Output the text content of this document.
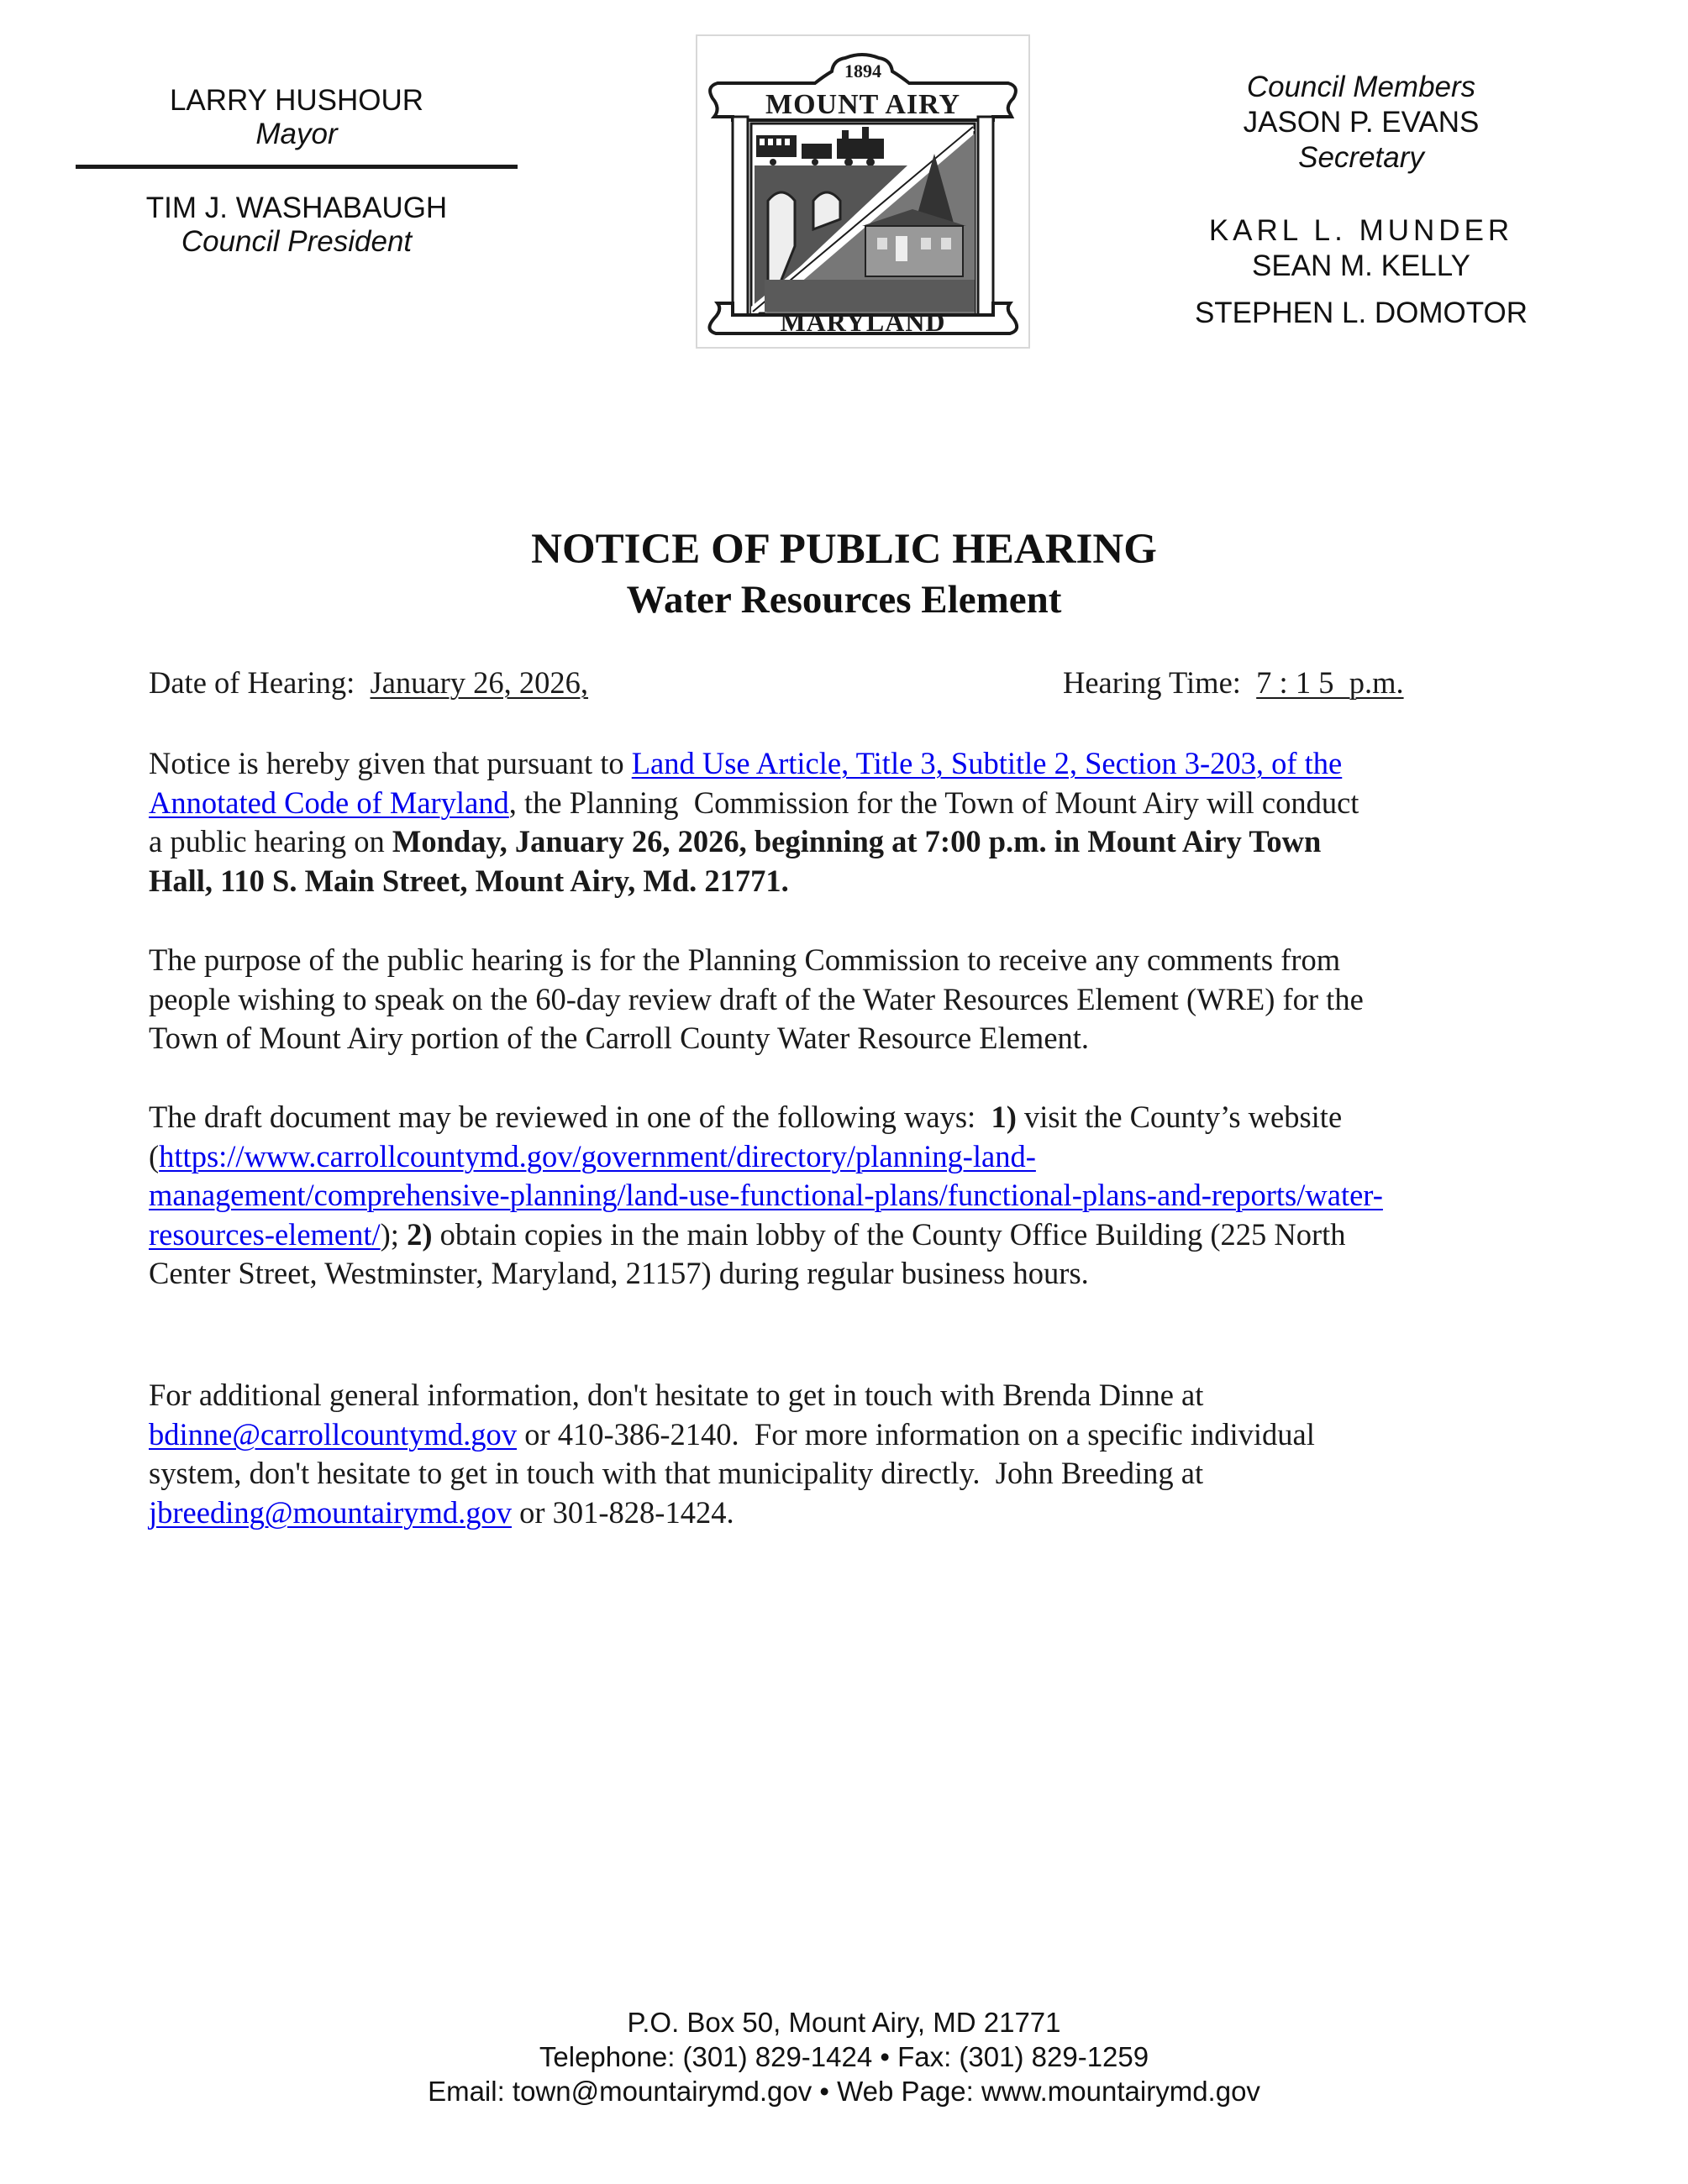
LARRY HUSHOUR
Mayor
TIM J. WASHABAUGH
Council President
1894
MOUNT AIRY
MARYLAND
Council Members
JASON P. EVANS
Secretary
KARL L. MUNDER
SEAN M. KELLY
STEPHEN L. DOMOTOR
NOTICE OF PUBLIC HEARING
Water Resources Element
Date of Hearing: January 26, 2026,	Hearing Time: 7 : 1 5  p.m.
Notice is hereby given that pursuant to Land Use Article, Title 3, Subtitle 2, Section 3-203, of the
Annotated Code of Maryland, the Planning  Commission for the Town of Mount Airy will conduct
a public hearing on Monday, January 26, 2026, beginning at 7:00 p.m. in Mount Airy Town
Hall, 110 S. Main Street, Mount Airy, Md. 21771.
The purpose of the public hearing is for the Planning Commission to receive any comments from
people wishing to speak on the 60-day review draft of the Water Resources Element (WRE) for the
Town of Mount Airy portion of the Carroll County Water Resource Element.
The draft document may be reviewed in one of the following ways:  1) visit the County’s website
(https://www.carrollcountymd.gov/government/directory/planning-land-
management/comprehensive-planning/land-use-functional-plans/functional-plans-and-reports/water-
resources-element/); 2) obtain copies in the main lobby of the County Office Building (225 North
Center Street, Westminster, Maryland, 21157) during regular business hours.
For additional general information, don't hesitate to get in touch with Brenda Dinne at
bdinne@carrollcountymd.gov or 410-386-2140.  For more information on a specific individual
system, don't hesitate to get in touch with that municipality directly.  John Breeding at
jbreeding@mountairymd.gov or 301-828-1424.
P.O. Box 50, Mount Airy, MD 21771
Telephone: (301) 829-1424 • Fax: (301) 829-1259
Email: town@mountairymd.gov • Web Page: www.mountairymd.gov
